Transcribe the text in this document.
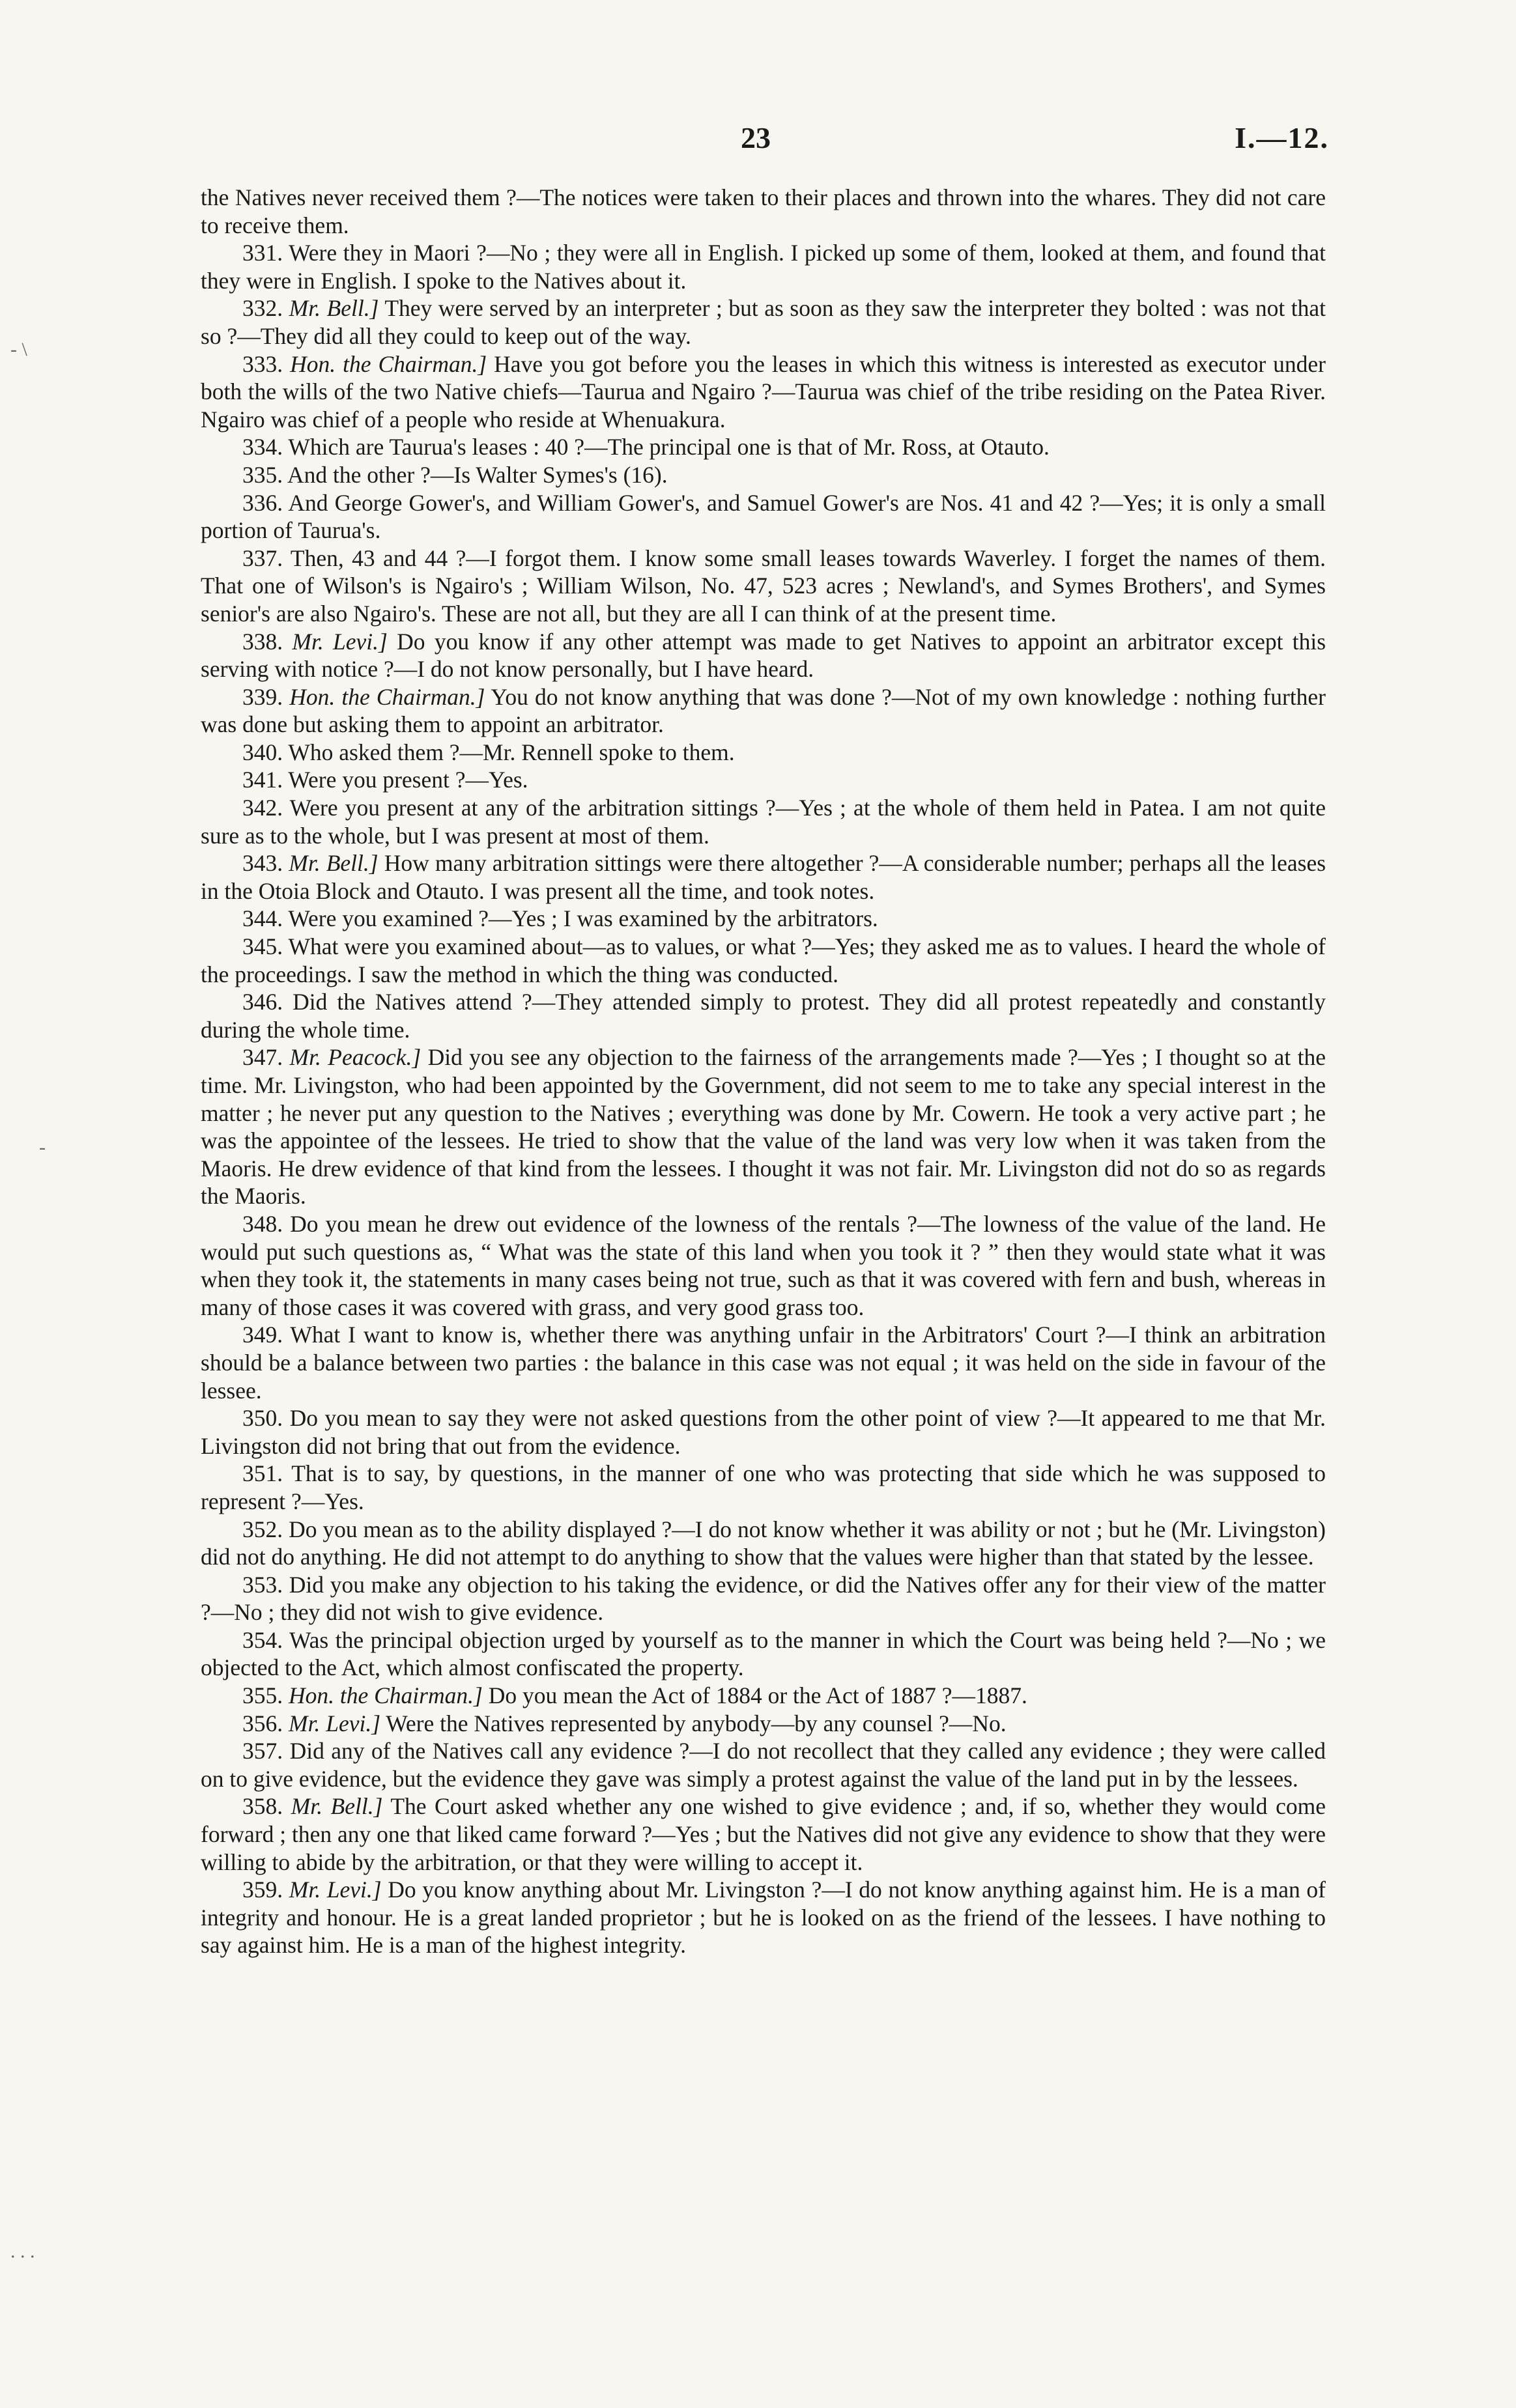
23	I.—12.

the Natives never received them ?—The notices were taken to their places and thrown into the whares. They did not care to receive them.

331. Were they in Maori ?—No ; they were all in English. I picked up some of them, looked at them, and found that they were in English. I spoke to the Natives about it.

332. Mr. Bell.] They were served by an interpreter ; but as soon as they saw the interpreter they bolted : was not that so ?—They did all they could to keep out of the way.

333. Hon. the Chairman.] Have you got before you the leases in which this witness is interested as executor under both the wills of the two Native chiefs—Taurua and Ngairo ?—Taurua was chief of the tribe residing on the Patea River. Ngairo was chief of a people who reside at Whenuakura.

334. Which are Taurua's leases : 40 ?—The principal one is that of Mr. Ross, at Otauto.

335. And the other ?—Is Walter Symes's (16).

336. And George Gower's, and William Gower's, and Samuel Gower's are Nos. 41 and 42 ?—Yes; it is only a small portion of Taurua's.

337. Then, 43 and 44 ?—I forgot them. I know some small leases towards Waverley. I forget the names of them. That one of Wilson's is Ngairo's ; William Wilson, No. 47, 523 acres ; Newland's, and Symes Brothers', and Symes senior's are also Ngairo's. These are not all, but they are all I can think of at the present time.

338. Mr. Levi.] Do you know if any other attempt was made to get Natives to appoint an arbitrator except this serving with notice ?—I do not know personally, but I have heard.

339. Hon. the Chairman.] You do not know anything that was done ?—Not of my own knowledge : nothing further was done but asking them to appoint an arbitrator.

340. Who asked them ?—Mr. Rennell spoke to them.

341. Were you present ?—Yes.

342. Were you present at any of the arbitration sittings ?—Yes ; at the whole of them held in Patea. I am not quite sure as to the whole, but I was present at most of them.

343. Mr. Bell.] How many arbitration sittings were there altogether ?—A considerable number; perhaps all the leases in the Otoia Block and Otauto. I was present all the time, and took notes.

344. Were you examined ?—Yes ; I was examined by the arbitrators.

345. What were you examined about—as to values, or what ?—Yes; they asked me as to values. I heard the whole of the proceedings. I saw the method in which the thing was conducted.

346. Did the Natives attend ?—They attended simply to protest. They did all protest repeatedly and constantly during the whole time.

347. Mr. Peacock.] Did you see any objection to the fairness of the arrangements made ?—Yes ; I thought so at the time. Mr. Livingston, who had been appointed by the Government, did not seem to me to take any special interest in the matter ; he never put any question to the Natives ; everything was done by Mr. Cowern. He took a very active part ; he was the appointee of the lessees. He tried to show that the value of the land was very low when it was taken from the Maoris. He drew evidence of that kind from the lessees. I thought it was not fair. Mr. Livingston did not do so as regards the Maoris.

348. Do you mean he drew out evidence of the lowness of the rentals ?—The lowness of the value of the land. He would put such questions as, “ What was the state of this land when you took it ? ” then they would state what it was when they took it, the statements in many cases being not true, such as that it was covered with fern and bush, whereas in many of those cases it was covered with grass, and very good grass too.

349. What I want to know is, whether there was anything unfair in the Arbitrators' Court ?—I think an arbitration should be a balance between two parties : the balance in this case was not equal ; it was held on the side in favour of the lessee.

350. Do you mean to say they were not asked questions from the other point of view ?—It appeared to me that Mr. Livingston did not bring that out from the evidence.

351. That is to say, by questions, in the manner of one who was protecting that side which he was supposed to represent ?—Yes.

352. Do you mean as to the ability displayed ?—I do not know whether it was ability or not ; but he (Mr. Livingston) did not do anything. He did not attempt to do anything to show that the values were higher than that stated by the lessee.

353. Did you make any objection to his taking the evidence, or did the Natives offer any for their view of the matter ?—No ; they did not wish to give evidence.

354. Was the principal objection urged by yourself as to the manner in which the Court was being held ?—No ; we objected to the Act, which almost confiscated the property.

355. Hon. the Chairman.] Do you mean the Act of 1884 or the Act of 1887 ?—1887.

356. Mr. Levi.] Were the Natives represented by anybody—by any counsel ?—No.

357. Did any of the Natives call any evidence ?—I do not recollect that they called any evidence ; they were called on to give evidence, but the evidence they gave was simply a protest against the value of the land put in by the lessees.

358. Mr. Bell.] The Court asked whether any one wished to give evidence ; and, if so, whether they would come forward ; then any one that liked came forward ?—Yes ; but the Natives did not give any evidence to show that they were willing to abide by the arbitration, or that they were willing to accept it.

359. Mr. Levi.] Do you know anything about Mr. Livingston ?—I do not know anything against him. He is a man of integrity and honour. He is a great landed proprietor ; but he is looked on as the friend of the lessees. I have nothing to say against him. He is a man of the highest integrity.

‐ \
‐
. . .
